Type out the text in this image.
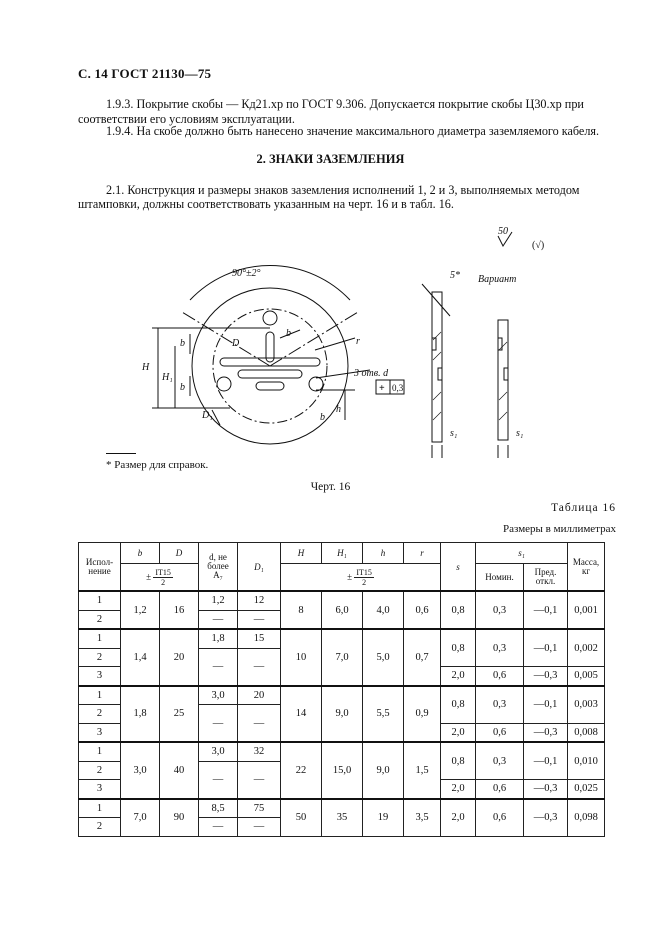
С. 14 ГОСТ 21130—75
1.9.3. Покрытие скобы — Кд21.хр по ГОСТ 9.306. Допускается покрытие скобы Ц30.хр при
соответствии его условиям эксплуатации.
1.9.4. На скобе должно быть нанесено значение максимального диаметра заземляемого кабеля.
2. ЗНАКИ ЗАЗЕМЛЕНИЯ
2.1. Конструкция и размеры знаков заземления исполнений 1, 2 и 3, выполняемых методом
штамповки, должны соответствовать указанным на черт. 16 и в табл. 16.
50
(√)
90°±2°
Вариант
5*
3 отв. d
+ 0,3
D
D₁
b
b
b
b
H
H₁
h
r
s₁	s₁
* Размер для справок.
Черт. 16
Таблица 16
Размеры в миллиметрах
Испол-нение	b	D	d, не
более
A₇	D₁	H	H₁	h	r	s	s₁		Масса,
кг
	± $\frac{IT15}{2}$				± $\frac{IT15}{2}$					Номин.	Пред.
откл.	
1	1,2	16	1,2	12	8	6,0	4,0	0,6	0,8	0,3	—0,1	0,001
2			—	—								
1	1,4	20	1,8	15	10	7,0	5,0	0,7	0,8	0,3	—0,1	0,002
2			—	—								
3									2,0	0,6	—0,3	0,005
1	1,8	25	3,0	20	14	9,0	5,5	0,9	0,8	0,3	—0,1	0,003
2			—	—								
3									2,0	0,6	—0,3	0,008
1	3,0	40	3,0	32	22	15,0	9,0	1,5	0,8	0,3	—0,1	0,010
2			—	—								
3									2,0	0,6	—0,3	0,025
1	7,0	90	8,5	75	50	35	19	3,5	2,0	0,6	—0,3	0,098
2			—	—								
